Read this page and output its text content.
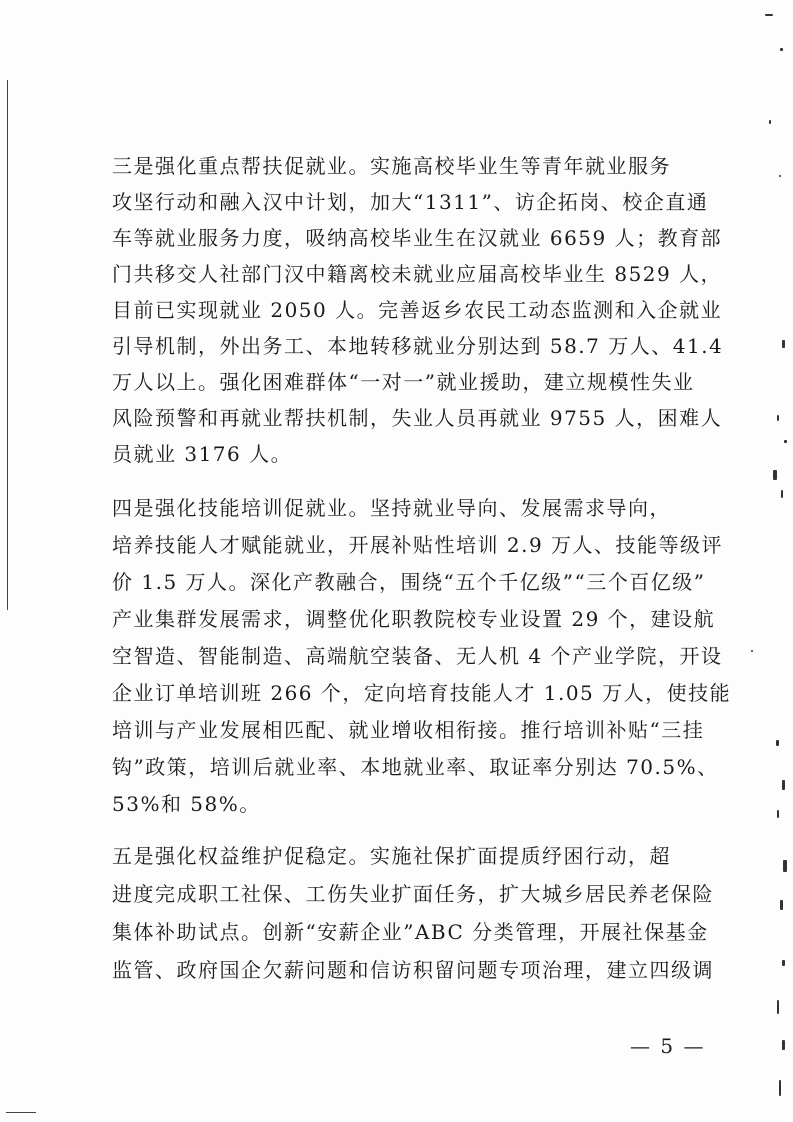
三是强化重点帮扶促就业。实施高校毕业生等青年就业服务
攻坚行动和融入汉中计划，加大“1311”、访企拓岗、校企直通
车等就业服务力度，吸纳高校毕业生在汉就业 6659 人；教育部
门共移交人社部门汉中籍离校未就业应届高校毕业生 8529 人，
目前已实现就业 2050 人。完善返乡农民工动态监测和入企就业
引导机制，外出务工、本地转移就业分别达到 58.7 万人、41.4
万人以上。强化困难群体“一对一”就业援助，建立规模性失业
风险预警和再就业帮扶机制，失业人员再就业 9755 人，困难人
员就业 3176 人。
四是强化技能培训促就业。坚持就业导向、发展需求导向，
培养技能人才赋能就业，开展补贴性培训 2.9 万人、技能等级评
价 1.5 万人。深化产教融合，围绕“五个千亿级”“三个百亿级”
产业集群发展需求，调整优化职教院校专业设置 29 个，建设航
空智造、智能制造、高端航空装备、无人机 4 个产业学院，开设
企业订单培训班 266 个，定向培育技能人才 1.05 万人，使技能
培训与产业发展相匹配、就业增收相衔接。推行培训补贴“三挂
钩”政策，培训后就业率、本地就业率、取证率分别达 70.5%、
53%和 58%。
五是强化权益维护促稳定。实施社保扩面提质纾困行动，超
进度完成职工社保、工伤失业扩面任务，扩大城乡居民养老保险
集体补助试点。创新“安薪企业”ABC 分类管理，开展社保基金
监管、政府国企欠薪问题和信访积留问题专项治理，建立四级调
— 5 —
